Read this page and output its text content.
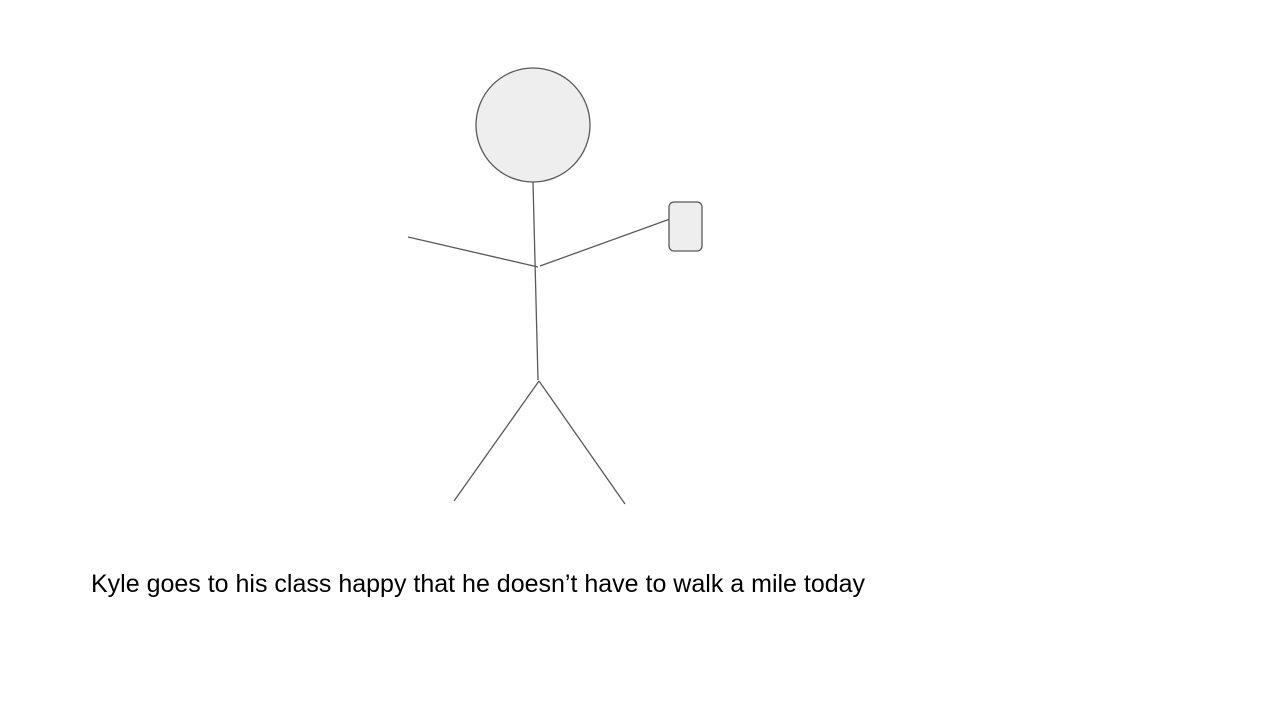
Kyle goes to his class happy that he doesn’t have to walk a mile today
